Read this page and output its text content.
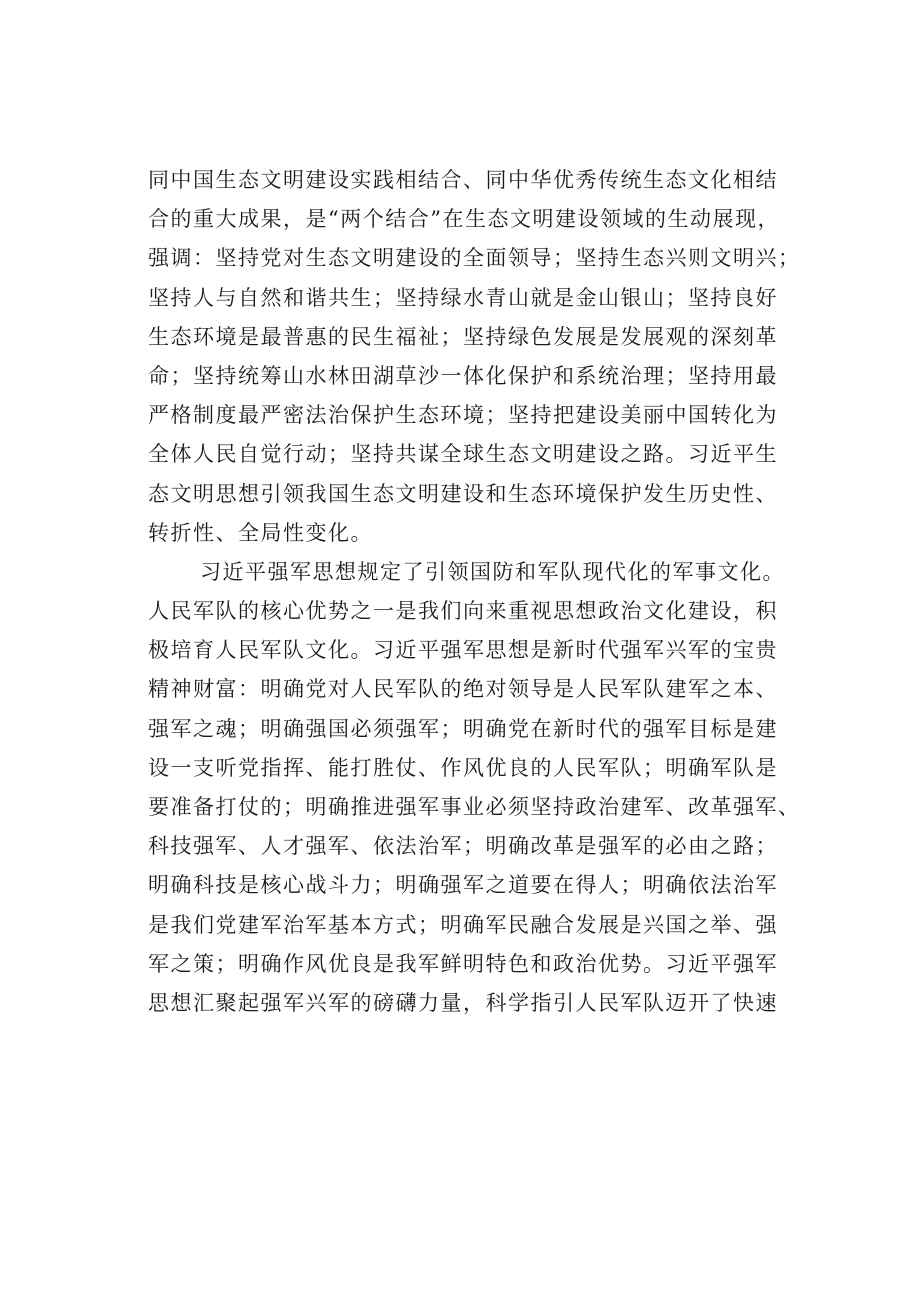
同中国生态文明建设实践相结合、同中华优秀传统生态文化相结
合的重大成果，是“两个结合”在生态文明建设领域的生动展现，
强调：坚持党对生态文明建设的全面领导；坚持生态兴则文明兴；
坚持人与自然和谐共生；坚持绿水青山就是金山银山；坚持良好
生态环境是最普惠的民生福祉；坚持绿色发展是发展观的深刻革
命；坚持统筹山水林田湖草沙一体化保护和系统治理；坚持用最
严格制度最严密法治保护生态环境；坚持把建设美丽中国转化为
全体人民自觉行动；坚持共谋全球生态文明建设之路。习近平生
态文明思想引领我国生态文明建设和生态环境保护发生历史性、
转折性、全局性变化。
习近平强军思想规定了引领国防和军队现代化的军事文化。
人民军队的核心优势之一是我们向来重视思想政治文化建设，积
极培育人民军队文化。习近平强军思想是新时代强军兴军的宝贵
精神财富：明确党对人民军队的绝对领导是人民军队建军之本、
强军之魂；明确强国必须强军；明确党在新时代的强军目标是建
设一支听党指挥、能打胜仗、作风优良的人民军队；明确军队是
要准备打仗的；明确推进强军事业必须坚持政治建军、改革强军、
科技强军、人才强军、依法治军；明确改革是强军的必由之路；
明确科技是核心战斗力；明确强军之道要在得人；明确依法治军
是我们党建军治军基本方式；明确军民融合发展是兴国之举、强
军之策；明确作风优良是我军鲜明特色和政治优势。习近平强军
思想汇聚起强军兴军的磅礴力量，科学指引人民军队迈开了快速
